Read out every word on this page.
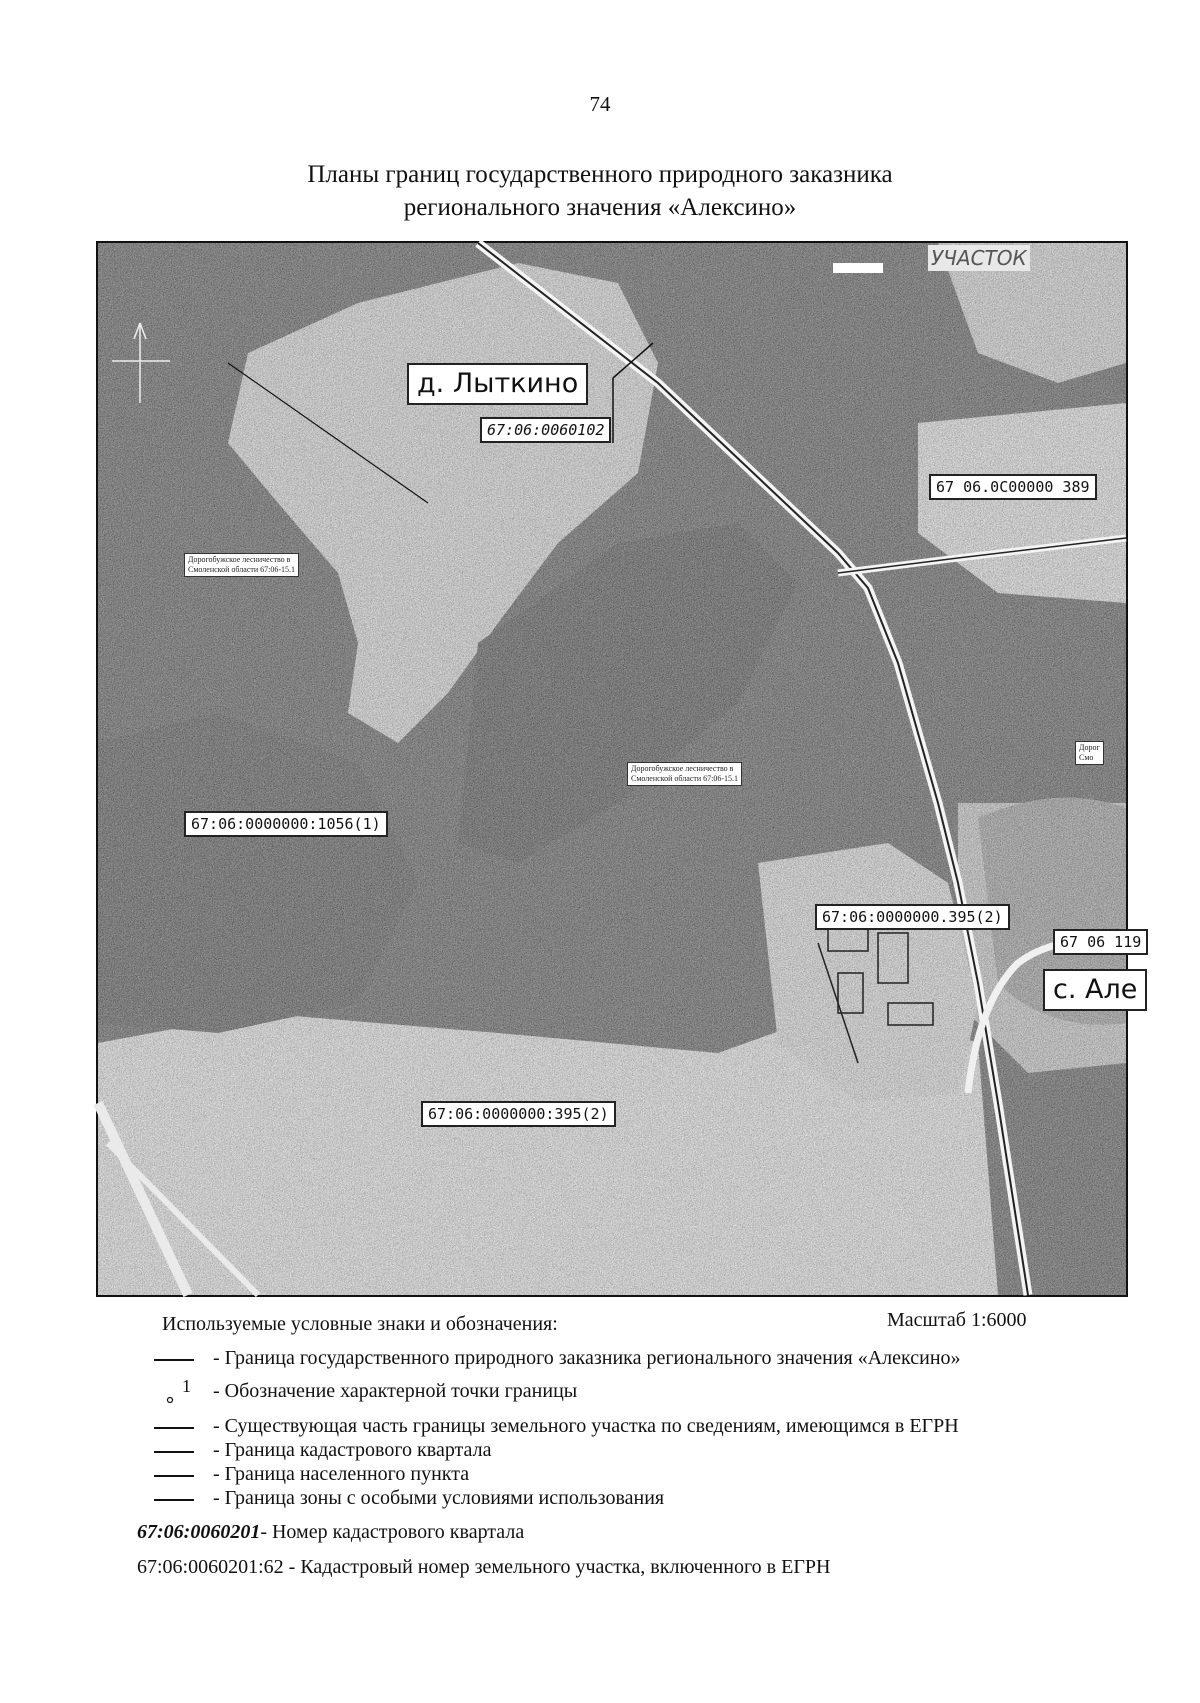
74
Планы границ государственного природного заказника
регионального значения «Алексино»
УЧАСТОК
д. Лыткино
67:06:0060102
67 06.0С00000 389
Дорогобужское лесничество в
Смоленской области 67:06-15.1
Дорогобужское лесничество в
Смоленской области 67:06-15.1
Дорог
Смо
67:06:0000000:1056(1)
67:06:0000000.395(2)
67 06 119
с. Але
67:06:0000000:395(2)
Используемые условные знаки и обозначения:	Масштаб 1:6000
- Граница государственного природного заказника регионального значения «Алексино»
1 - Обозначение характерной точки границы
- Существующая часть границы земельного участка по сведениям, имеющимся в ЕГРН
- Граница кадастрового квартала
- Граница населенного пункта
- Граница зоны с особыми условиями использования
67:06:0060201- Номер кадастрового квартала
67:06:0060201:62 - Кадастровый номер земельного участка, включенного в ЕГРН
